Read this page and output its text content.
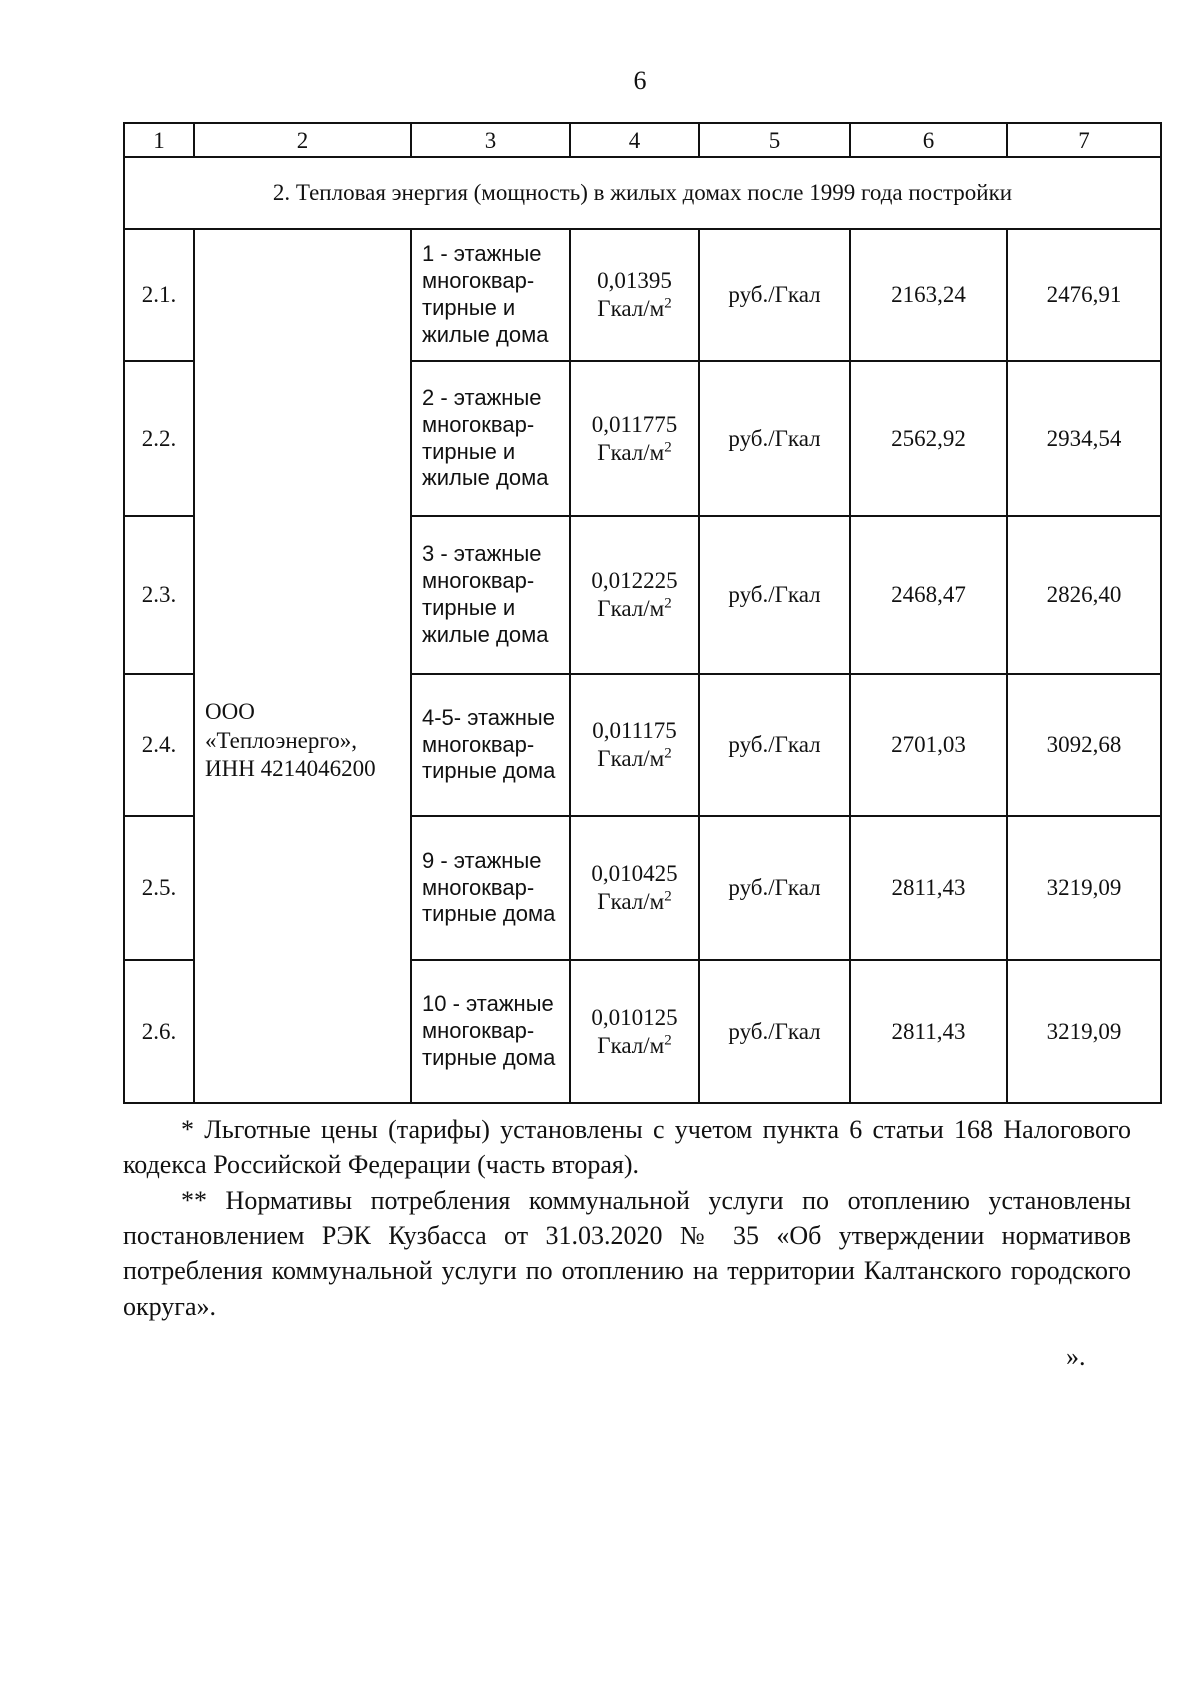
6
1	2	3	4	5	6	7
2. Тепловая энергия (мощность) в жилых домах после 1999 года постройки						
2.1.	ООО
«Теплоэнерго»,
ИНН 4214046200	1 - этажные
многоквар-
тирные и
жилые дома	0,01395
Гкал/$м^2$	руб./Гкал	2163,24	2476,91
2.2.		2 - этажные
многоквар-
тирные и
жилые дома	0,011775
Гкал/$м^2$	руб./Гкал	2562,92	2934,54
2.3.		3 - этажные
многоквар-
тирные и
жилые дома	0,012225
Гкал/$м^2$	руб./Гкал	2468,47	2826,40
2.4.		4-5- этажные
многоквар-
тирные дома	0,011175
Гкал/$м^2$	руб./Гкал	2701,03	3092,68
2.5.		9 - этажные
многоквар-
тирные дома	0,010425
Гкал/$м^2$	руб./Гкал	2811,43	3219,09
2.6.		10 - этажные
многоквар-
тирные дома	0,010125
Гкал/$м^2$	руб./Гкал	2811,43	3219,09

* Льготные цены (тарифы) установлены с учетом пункта 6 статьи 168 Налогового кодекса Российской Федерации (часть вторая).

** Нормативы потребления коммунальной услуги по отоплению установлены постановлением РЭК Кузбасса от 31.03.2020 № 35 «Об утверждении нормативов потребления коммунальной услуги по отоплению на территории Калтанского городского округа».

».
